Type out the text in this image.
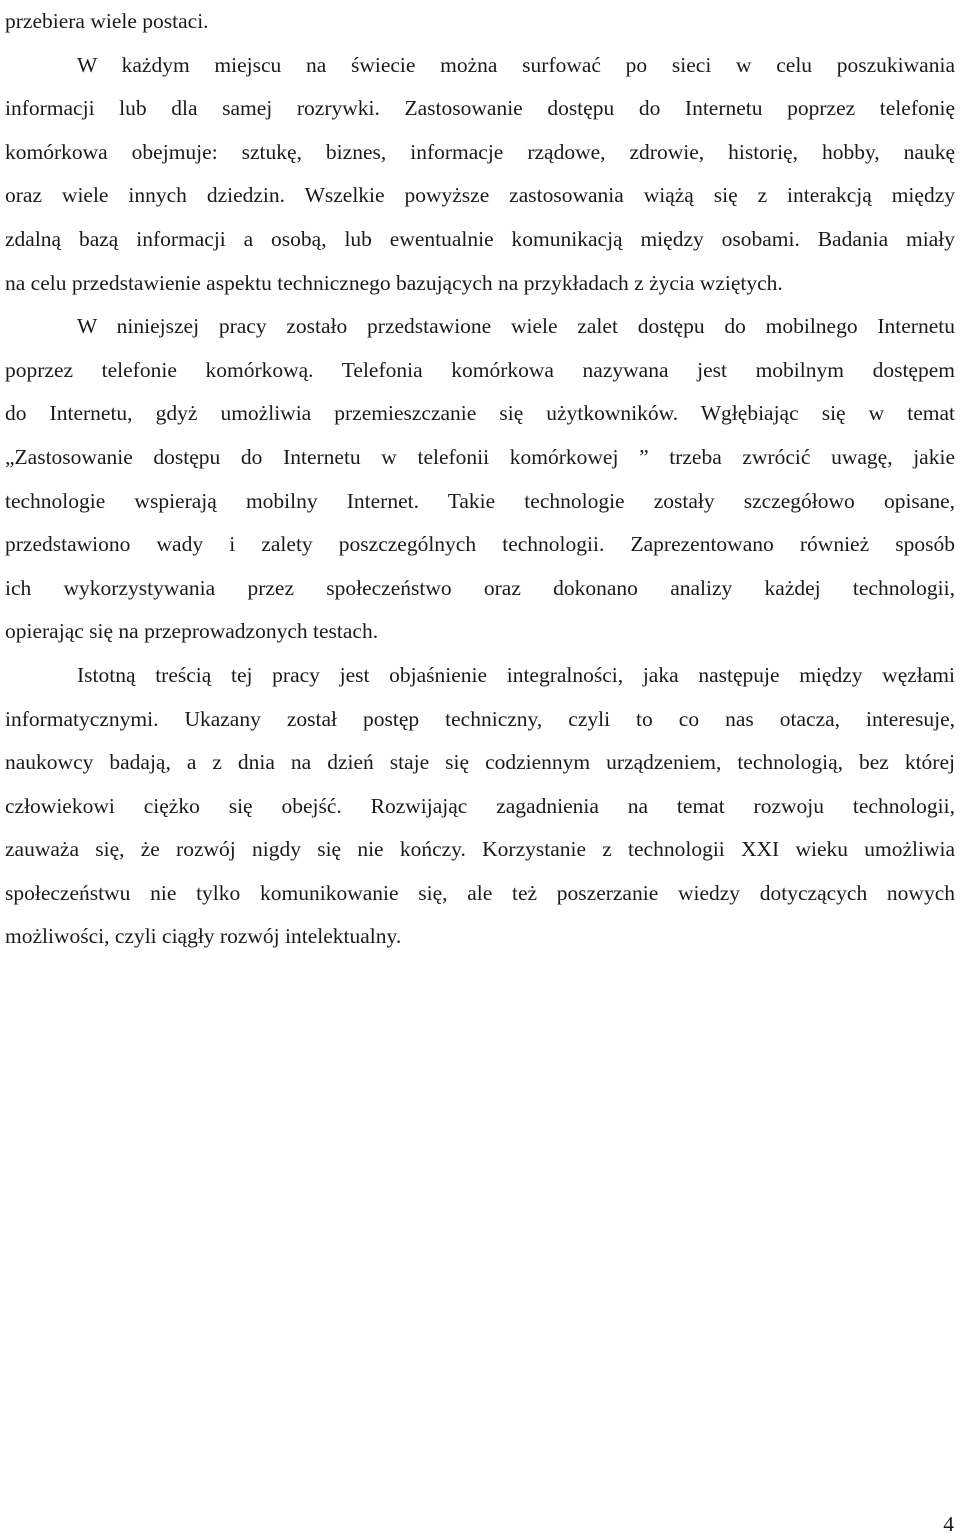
przebiera wiele postaci.
W każdym miejscu na świecie można surfować po sieci w celu poszukiwania
informacji lub dla samej rozrywki. Zastosowanie dostępu do Internetu poprzez telefonię
komórkowa obejmuje: sztukę, biznes, informacje rządowe, zdrowie, historię, hobby, naukę
oraz wiele innych dziedzin. Wszelkie powyższe zastosowania wiążą się z interakcją między
zdalną bazą informacji a osobą, lub ewentualnie komunikacją między osobami. Badania miały
na celu przedstawienie aspektu technicznego bazujących na przykładach z życia wziętych.
W niniejszej pracy zostało przedstawione wiele zalet dostępu do mobilnego Internetu
poprzez telefonie komórkową. Telefonia komórkowa nazywana jest mobilnym dostępem
do Internetu, gdyż umożliwia przemieszczanie się użytkowników. Wgłębiając się w temat
„Zastosowanie dostępu do Internetu w telefonii komórkowej ” trzeba zwrócić uwagę, jakie
technologie wspierają mobilny Internet. Takie technologie zostały szczegółowo opisane,
przedstawiono wady i zalety poszczególnych technologii. Zaprezentowano również sposób
ich wykorzystywania przez społeczeństwo oraz dokonano analizy każdej technologii,
opierając się na przeprowadzonych testach.
Istotną treścią tej pracy jest objaśnienie integralności, jaka następuje między węzłami
informatycznymi. Ukazany został postęp techniczny, czyli to co nas otacza, interesuje,
naukowcy badają, a z dnia na dzień staje się codziennym urządzeniem, technologią, bez której
człowiekowi ciężko się obejść. Rozwijając zagadnienia na temat rozwoju technologii,
zauważa się, że rozwój nigdy się nie kończy. Korzystanie z technologii XXI wieku umożliwia
społeczeństwu nie tylko komunikowanie się, ale też poszerzanie wiedzy dotyczących nowych
możliwości, czyli ciągły rozwój intelektualny.
4
